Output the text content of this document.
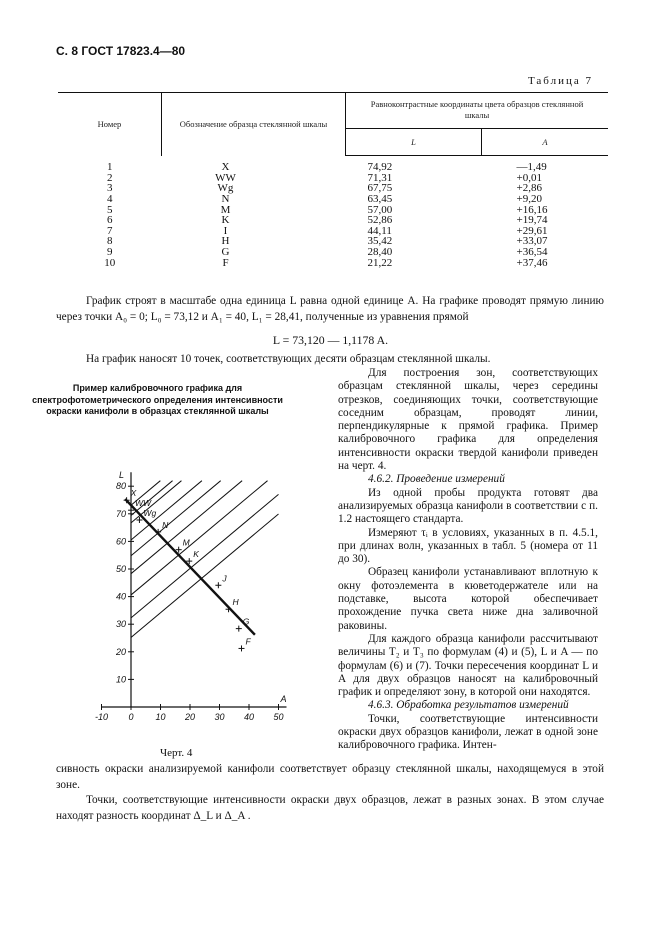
С. 8 ГОСТ 17823.4—80
Таблица 7
Номер	Обозначение образца стеклянной шкалы	Равноконтрастные координаты цвета образцов стеклянной шкалы	
		L	A
1	X	74,92	—1,49
2	WW	71,31	+0,01
3	Wg	67,75	+2,86
4	N	63,45	+9,20
5	M	57,00	+16,16
6	K	52,86	+19,74
7	I	44,11	+29,61
8	H	35,42	+33,07
9	G	28,40	+36,54
10	F	21,22	+37,46
График строят в масштабе одна единица L равна одной единице A. На графике проводят прямую линию через точки A₀ = 0; L₀ = 73,12 и A₁ = 40, L₁ = 28,41, полученные из уравнения прямой
L = 73,120 — 1,1178 A.
На график наносят 10 точек, соответствующих десяти образцам стеклянной шкалы.
Пример калибровочного графика для спектрофотометрического определения интенсивности окраски канифоли в образцах стеклянной шкалы

Для построения зон, соответствующих образцам стеклянной шкалы, через середины отрезков, соединяющих точки, соответствующие соседним образцам, проводят линии, перпендикулярные к прямой графика. Пример калибровочного графика для определения интенсивности окраски твердой канифоли приведен на черт. 4.

4.6.2. Проведение измерений

Из одной пробы продукта готовят два анализируемых образца канифоли в соответствии с п. 1.2 настоящего стандарта.

Измеряют τᵢ в условиях, указанных в п. 4.5.1, при длинах волн, указанных в табл. 5 (номера от 11 до 30).

Образец канифоли устанавливают вплотную к окну фотоэлемента в кюветодержателе или на подставке, высота которой обеспечивает прохождение пучка света ниже дна заливочной раковины.

Для каждого образца канифоли рассчитывают величины T₂ и T₃ по формулам (4) и (5), L и A — по формулам (6) и (7). Точки пересечения координат L и A для двух образцов наносят на калибровочный график и определяют зону, в которой они находятся.

4.6.3. Обработка результатов измерений

Точки, соответствующие интенсивности окраски двух образцов канифоли, лежат в одной зоне калибровочного графика. Интен-

-10 0 10 20 30 40 50
10
20
30
40
50
60
70
80
A
L
X
WW
Wg
N
M
K
J
H
G
F
Черт. 4
сивность окраски анализируемой канифоли соответствует образцу стеклянной шкалы, находящемуся в этой зоне.
Точки, соответствующие интенсивности окраски двух образцов, лежат в разных зонах. В этом случае находят разность координат Δ_L и Δ_A .
